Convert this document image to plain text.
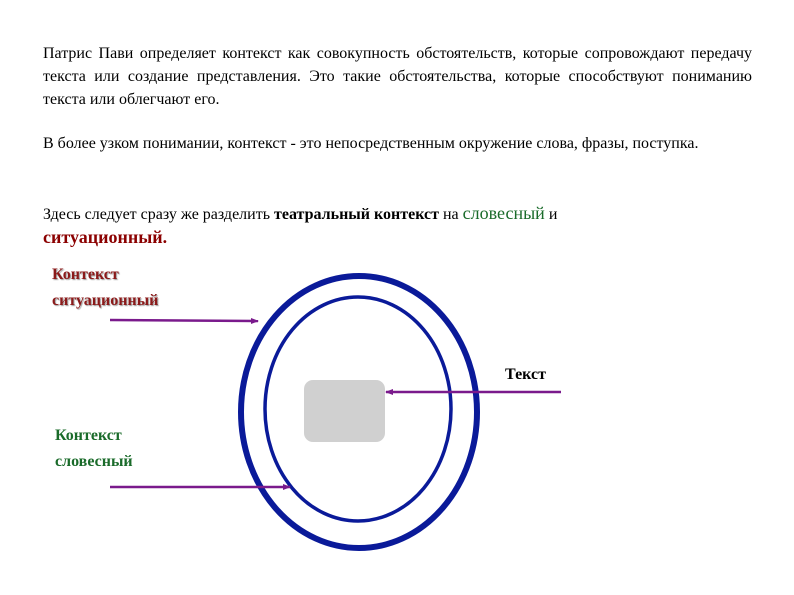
Патрис Пави определяет контекст как совокупность обстоятельств, которые сопровождают передачу текста или создание представления. Это такие обстоятельства, которые способствуют пониманию текста или облегчают его.

В более узком понимании, контекст - это непосредственным окружение слова, фразы, поступка.

Здесь следует сразу же разделить театральный контекст на словесный и
ситуационный.

Контекст
ситуационный
Контекст
словесный
Текст
